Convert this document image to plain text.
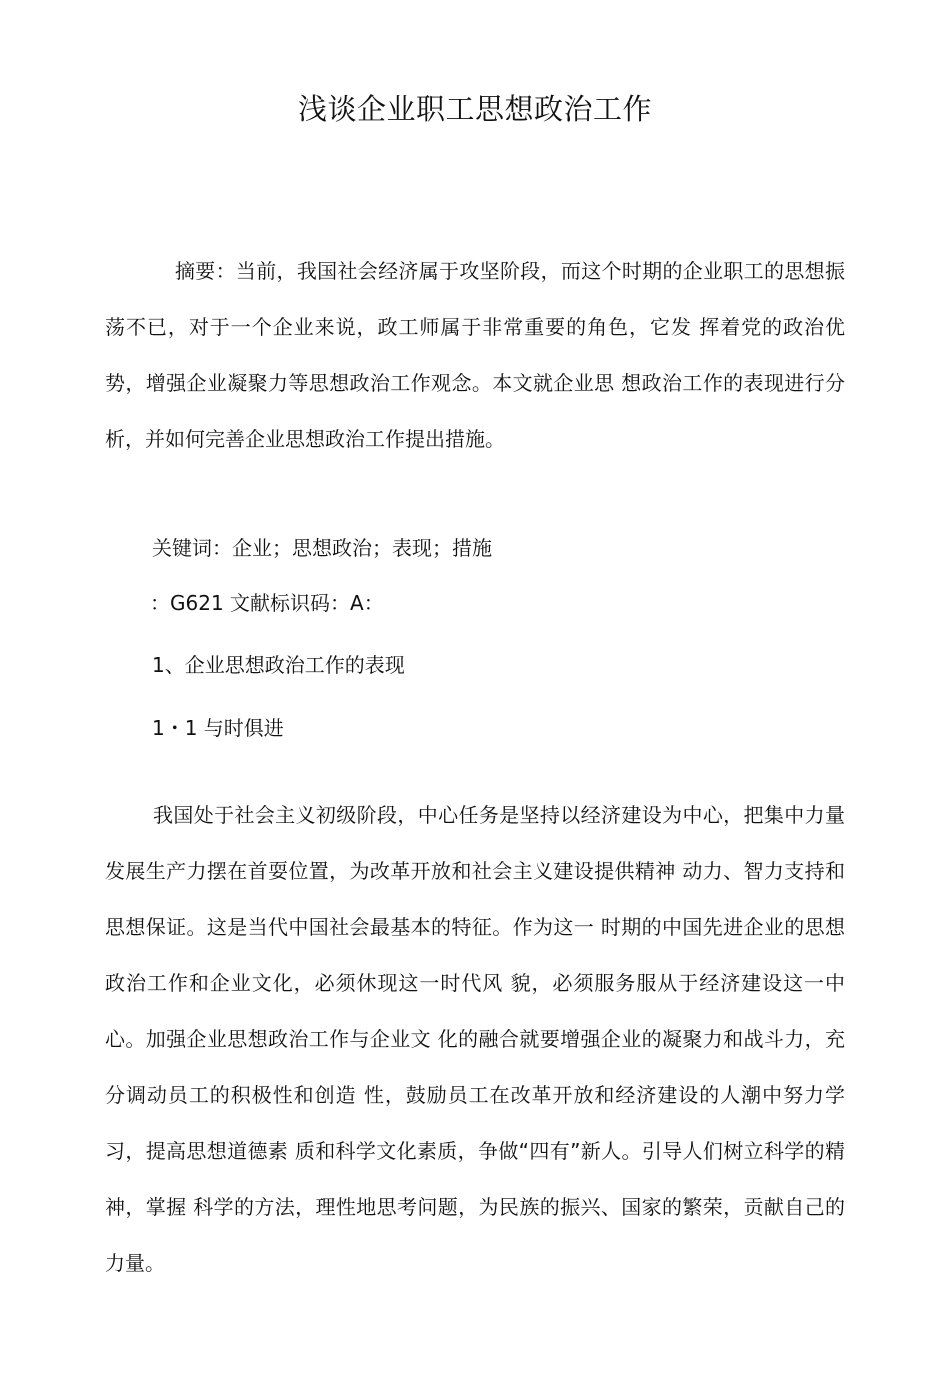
浅谈企业职工思想政治工作

摘要：当前，我国社会经济属于攻坚阶段，而这个时期的企业职工的思想振荡不已，对于一个企业来说，政工师属于非常重要的角色，它发 挥着党的政治优势，增强企业凝聚力等思想政治工作观念。本文就企业思 想政治工作的表现进行分析，并如何完善企业思想政治工作提出措施。

关键词：企业；思想政治；表现；措施

：G621 文献标识码：A：

1、企业思想政治工作的表现

1・1 与时俱进

我国处于社会主义初级阶段，中心任务是坚持以经济建设为中心，把集中力量发展生产力摆在首耍位置，为改革开放和社会主义建设提供精神 动力、智力支持和思想保证。这是当代中国社会最基本的特征。作为这一 时期的中国先进企业的思想政治工作和企业文化，必须休现这一时代风 貌，必须服务服从于经济建设这一中心。加强企业思想政治工作与企业文 化的融合就要增强企业的凝聚力和战斗力，充分调动员工的积极性和创造 性，鼓励员工在改革开放和经济建设的人潮中努力学习，提高思想道德素 质和科学文化素质，争做“四有”新人。引导人们树立科学的精神，掌握 科学的方法，理性地思考问题，为民族的振兴、国家的繁荣，贡献自己的 力量。
